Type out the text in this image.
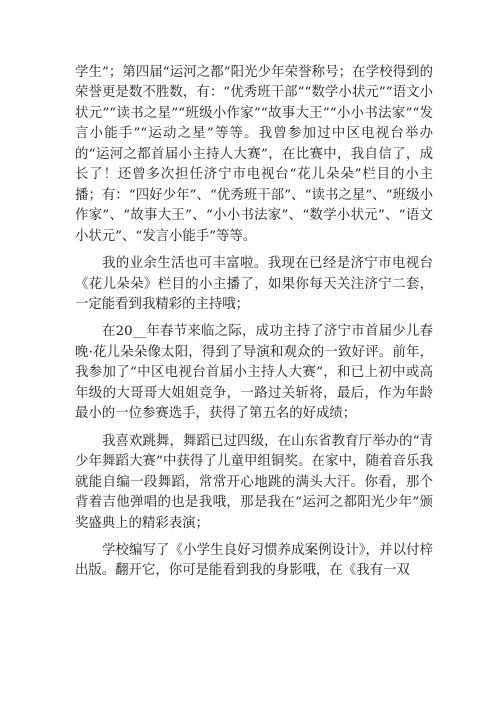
学生”；第四届“运河之都”阳光少年荣誉称号；在学校得到的荣誉更是数不胜数，有：“优秀班干部”“数学小状元”“语文小状元”“读书之星”“班级小作家”“故事大王”“小小书法家”“发言小能手”“运动之星”等等。我曾参加过中区电视台举办的“运河之都首届小主持人大赛”，在比赛中，我自信了，成长了！还曾多次担任济宁市电视台“花儿朵朵”栏目的小主播；有：“四好少年”、“优秀班干部”、“读书之星”、“班级小作家”、“故事大王”、“小小书法家”、“数学小状元”、“语文小状元”、“发言小能手”等等。

我的业余生活也可丰富啦。我现在已经是济宁市电视台《花儿朵朵》栏目的小主播了，如果你每天关注济宁二套，一定能看到我精彩的主持哦；

在20__年春节来临之际，成功主持了济宁市首届少儿春晚·花儿朵朵像太阳，得到了导演和观众的一致好评。前年，我参加了“中区电视台首届小主持人大赛”，和已上初中或高年级的大哥哥大姐姐竞争，一路过关斩将，最后，作为年龄最小的一位参赛选手，获得了第五名的好成绩；

我喜欢跳舞，舞蹈已过四级，在山东省教育厅举办的“青少年舞蹈大赛”中获得了儿童甲组铜奖。在家中，随着音乐我就能自编一段舞蹈，常常开心地跳的满头大汗。你看，那个背着吉他弹唱的也是我哦，那是我在“运河之都阳光少年”颁奖盛典上的精彩表演；

学校编写了《小学生良好习惯养成案例设计》，并以付梓出版。翻开它，你可是能看到我的身影哦，在《我有一双
